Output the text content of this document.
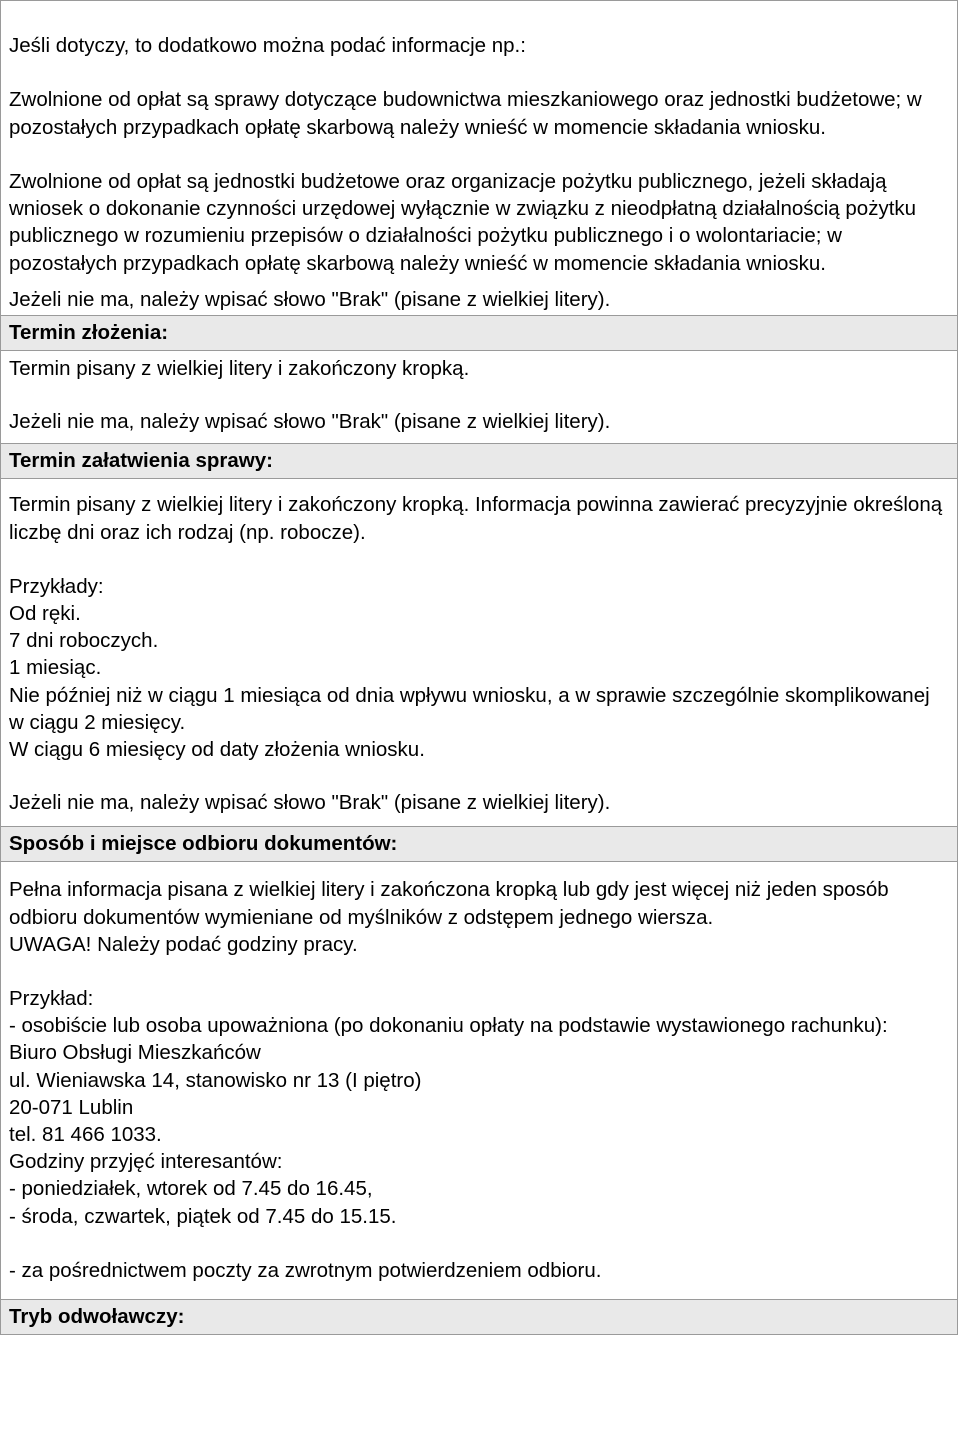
Jeśli dotyczy, to dodatkowo można podać informacje np.:

Zwolnione od opłat są sprawy dotyczące budownictwa mieszkaniowego oraz jednostki budżetowe; w pozostałych przypadkach opłatę skarbową należy wnieść w momencie składania wniosku.

Zwolnione od opłat są jednostki budżetowe oraz organizacje pożytku publicznego, jeżeli składają wniosek o dokonanie czynności urzędowej wyłącznie w związku z nieodpłatną działalnością pożytku publicznego w rozumieniu przepisów o działalności pożytku publicznego i o wolontariacie; w pozostałych przypadkach opłatę skarbową należy wnieść w momencie składania wniosku.

Jeżeli nie ma, należy wpisać słowo "Brak" (pisane z wielkiej litery).

Termin złożenia:

Termin pisany z wielkiej litery i zakończony kropką.

Jeżeli nie ma, należy wpisać słowo "Brak" (pisane z wielkiej litery).

Termin załatwienia sprawy:

Termin pisany z wielkiej litery i zakończony kropką. Informacja powinna zawierać precyzyjnie określoną liczbę dni oraz ich rodzaj (np. robocze).

Przykłady:

Od ręki.

7 dni roboczych.

1 miesiąc.

Nie później niż w ciągu 1 miesiąca od dnia wpływu wniosku, a w sprawie szczególnie skomplikowanej w ciągu 2 miesięcy.

W ciągu 6 miesięcy od daty złożenia wniosku.

Jeżeli nie ma, należy wpisać słowo "Brak" (pisane z wielkiej litery).

Sposób i miejsce odbioru dokumentów:

Pełna informacja pisana z wielkiej litery i zakończona kropką lub gdy jest więcej niż jeden sposób odbioru dokumentów wymieniane od myślników z odstępem jednego wiersza.

UWAGA! Należy podać godziny pracy.

Przykład:

- osobiście lub osoba upoważniona (po dokonaniu opłaty na podstawie wystawionego rachunku):

Biuro Obsługi Mieszkańców

ul. Wieniawska 14, stanowisko nr 13 (I piętro)

20-071 Lublin

tel. 81 466 1033.

Godziny przyjęć interesantów:

- poniedziałek, wtorek od 7.45 do 16.45,

- środa, czwartek, piątek od 7.45 do 15.15.

- za pośrednictwem poczty za zwrotnym potwierdzeniem odbioru.

Tryb odwoławczy:
